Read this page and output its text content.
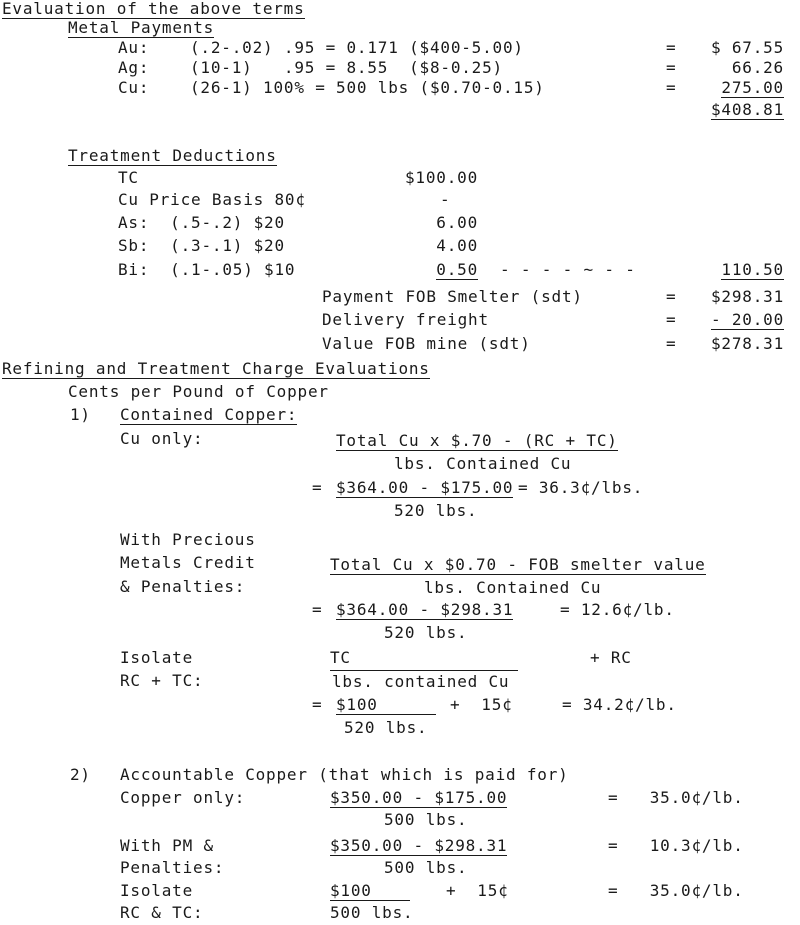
Evaluation of the above terms
Metal Payments
Au:	(.2-.02) .95 = 0.171 ($400-5.00)	= $ 67.55
Ag:	(10-1)   .95 = 8.55  ($8-0.25)	=	66.26
Cu:	(26-1) 100% = 500 lbs ($0.70-0.15)	=	275.00
$408.81
Treatment Deductions
TC	$100.00
Cu Price Basis 80¢	-
As:  (.5-.2) $20	6.00
Sb:  (.3-.1) $20	4.00
Bi:  (.1-.05) $10	0.50 - - - - ~ - -	110.50
Payment FOB Smelter (sdt)	= $298.31
Delivery freight	= - 20.00
Value FOB mine (sdt)	= $278.31
Refining and Treatment Charge Evaluations
Cents per Pound of Copper
1) Contained Copper:
Cu only:	Total Cu x $.70 - (RC + TC)
lbs. Contained Cu
= $364.00 - $175.00 = 36.3¢/lbs.
520 lbs.
With Precious
Metals Credit
& Penalties:
Total Cu x $0.70 - FOB smelter value
lbs. Contained Cu
= $364.00 - $298.31	= 12.6¢/lb.
520 lbs.
Isolate
RC + TC:
TC	+ RC
lbs. contained Cu
= $100	+  15¢	= 34.2¢/lb.
520 lbs.
2) Accountable Copper (that which is paid for)
Copper only:	$350.00 - $175.00	=   35.0¢/lb.
500 lbs.
With PM &
Penalties:
$350.00 - $298.31	=   10.3¢/lb.
500 lbs.
Isolate
RC & TC:
$100	+  15¢	=   35.0¢/lb.
500 lbs.
